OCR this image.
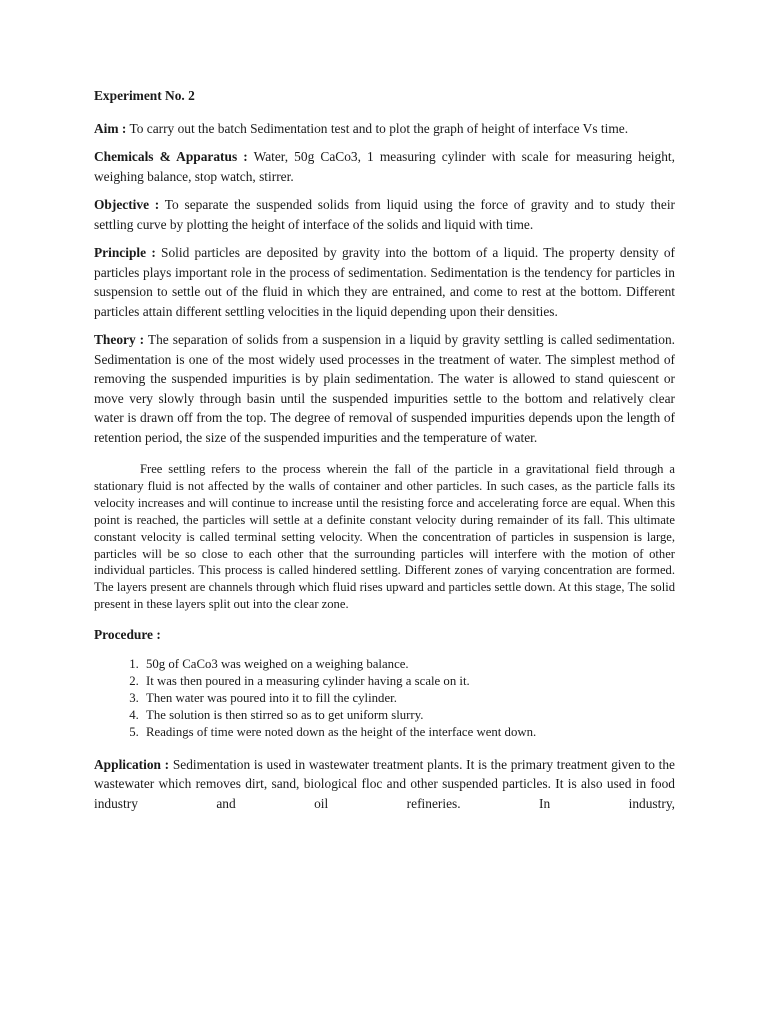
Experiment No. 2

Aim : To carry out the batch Sedimentation test and to plot the graph of height of interface Vs time.

Chemicals & Apparatus : Water, 50g CaCo3, 1 measuring cylinder with scale for measuring height, weighing balance, stop watch, stirrer.

Objective : To separate the suspended solids from liquid using the force of gravity and to study their settling curve by plotting the height of interface of the solids and liquid with time.

Principle : Solid particles are deposited by gravity into the bottom of a liquid. The property density of particles plays important role in the process of sedimentation. Sedimentation is the tendency for particles in suspension to settle out of the fluid in which they are entrained, and come to rest at the bottom. Different particles attain different settling velocities in the liquid depending upon their densities.

Theory : The separation of solids from a suspension in a liquid by gravity settling is called sedimentation. Sedimentation is one of the most widely used processes in the treatment of water. The simplest method of removing the suspended impurities is by plain sedimentation. The water is allowed to stand quiescent or move very slowly through basin until the suspended impurities settle to the bottom and relatively clear water is drawn off from the top. The degree of removal of suspended impurities depends upon the length of retention period, the size of the suspended impurities and the temperature of water.

Free settling refers to the process wherein the fall of the particle in a gravitational field through a stationary fluid is not affected by the walls of container and other particles. In such cases, as the particle falls its velocity increases and will continue to increase until the resisting force and accelerating force are equal. When this point is reached, the particles will settle at a definite constant velocity during remainder of its fall. This ultimate constant velocity is called terminal setting velocity. When the concentration of particles in suspension is large, particles will be so close to each other that the surrounding particles will interfere with the motion of other individual particles. This process is called hindered settling. Different zones of varying concentration are formed. The layers present are channels through which fluid rises upward and particles settle down. At this stage, The solid present in these layers split out into the clear zone.

Procedure :

1. 50g of CaCo3 was weighed on a weighing balance.
2. It was then poured in a measuring cylinder having a scale on it.
3. Then water was poured into it to fill the cylinder.
4. The solution is then stirred so as to get uniform slurry.
5. Readings of time were noted down as the height of the interface went down.

Application : Sedimentation is used in wastewater treatment plants. It is the primary treatment given to the wastewater which removes dirt, sand, biological floc and other suspended particles. It is also used in food industry and oil refineries. In industry,
